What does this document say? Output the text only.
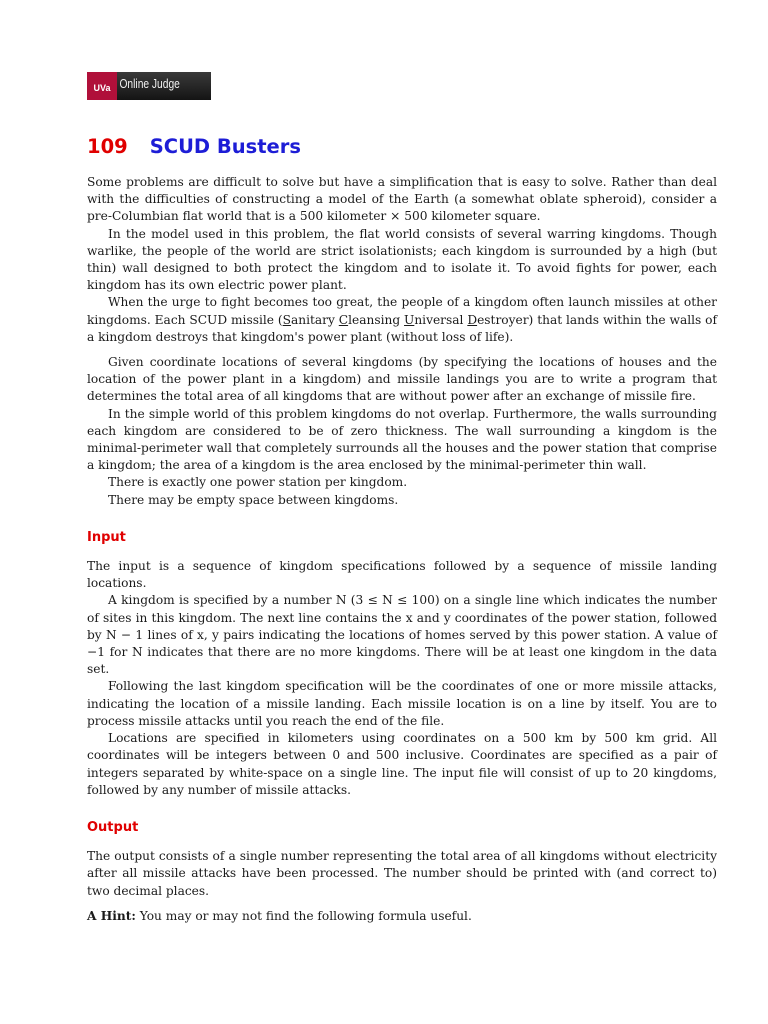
UVa Online Judge
109 SCUD Busters

Some problems are difficult to solve but have a simplification that is easy to solve. Rather than deal with the difficulties of constructing a model of the Earth (a somewhat oblate spheroid), consider a pre-Columbian flat world that is a 500 kilometer × 500 kilometer square.

In the model used in this problem, the flat world consists of several warring kingdoms. Though warlike, the people of the world are strict isolationists; each kingdom is surrounded by a high (but thin) wall designed to both protect the kingdom and to isolate it. To avoid fights for power, each kingdom has its own electric power plant.

When the urge to fight becomes too great, the people of a kingdom often launch missiles at other kingdoms. Each SCUD missile (Sanitary Cleansing Universal Destroyer) that lands within the walls of a kingdom destroys that kingdom's power plant (without loss of life).

Given coordinate locations of several kingdoms (by specifying the locations of houses and the location of the power plant in a kingdom) and missile landings you are to write a program that determines the total area of all kingdoms that are without power after an exchange of missile fire.

In the simple world of this problem kingdoms do not overlap. Furthermore, the walls surrounding each kingdom are considered to be of zero thickness. The wall surrounding a kingdom is the minimal-perimeter wall that completely surrounds all the houses and the power station that comprise a kingdom; the area of a kingdom is the area enclosed by the minimal-perimeter thin wall.

There is exactly one power station per kingdom.

There may be empty space between kingdoms.

Input

The input is a sequence of kingdom specifications followed by a sequence of missile landing locations.

A kingdom is specified by a number N (3 ≤ N ≤ 100) on a single line which indicates the number of sites in this kingdom. The next line contains the x and y coordinates of the power station, followed by N − 1 lines of x, y pairs indicating the locations of homes served by this power station. A value of −1 for N indicates that there are no more kingdoms. There will be at least one kingdom in the data set.

Following the last kingdom specification will be the coordinates of one or more missile attacks, indicating the location of a missile landing. Each missile location is on a line by itself. You are to process missile attacks until you reach the end of the file.

Locations are specified in kilometers using coordinates on a 500 km by 500 km grid. All coordinates will be integers between 0 and 500 inclusive. Coordinates are specified as a pair of integers separated by white-space on a single line. The input file will consist of up to 20 kingdoms, followed by any number of missile attacks.

Output

The output consists of a single number representing the total area of all kingdoms without electricity after all missile attacks have been processed. The number should be printed with (and correct to) two decimal places.

A Hint: You may or may not find the following formula useful.
